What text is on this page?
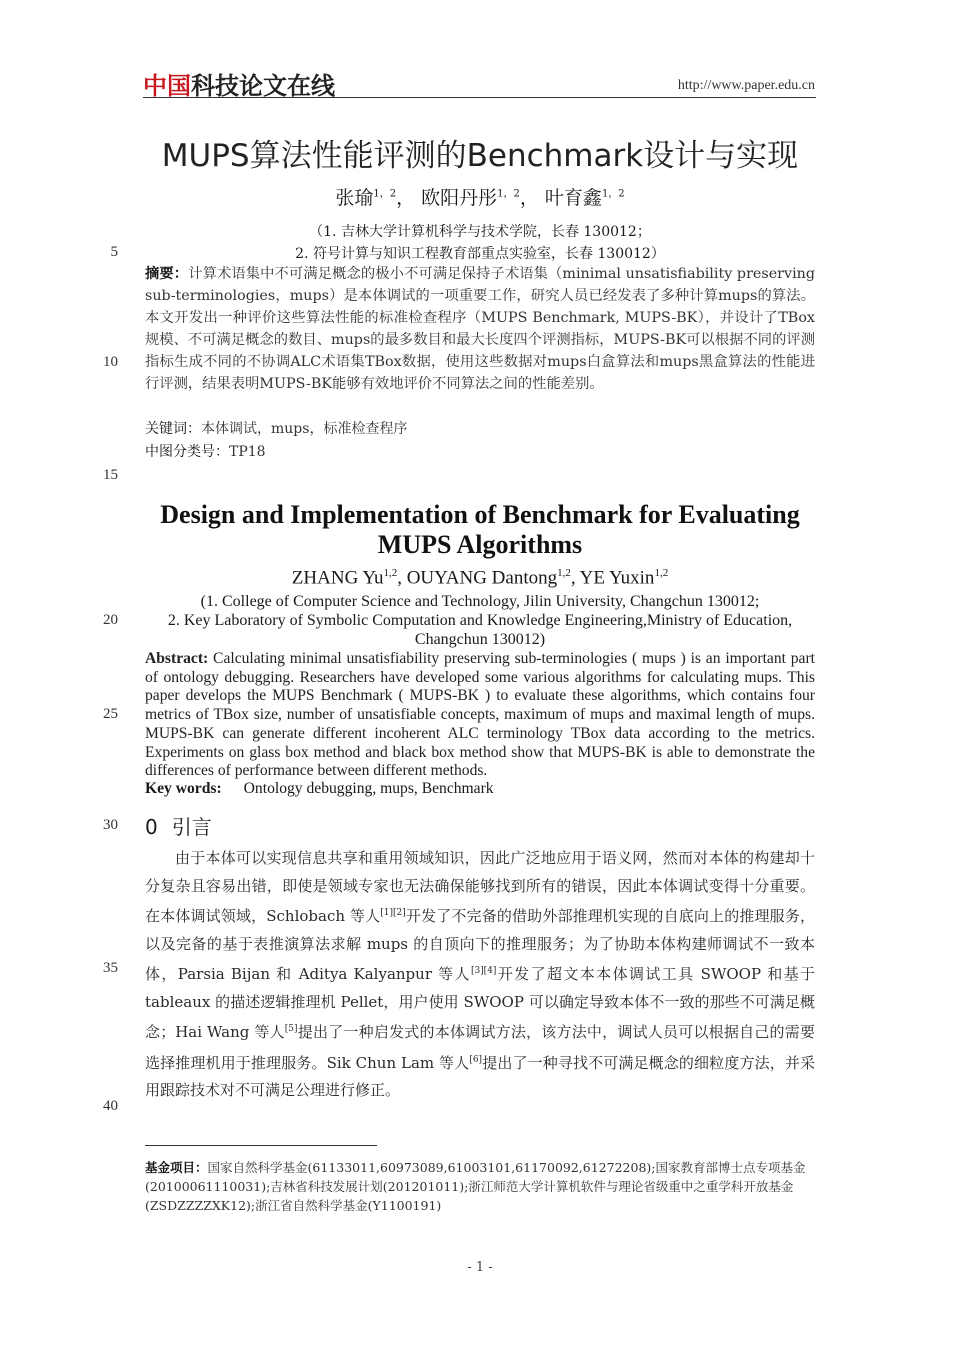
中国科技论文在线	http://www.paper.edu.cn
MUPS算法性能评测的Benchmark设计与实现
张瑜$^{1,2}$， 欧阳丹彤$^{1,2}$， 叶育鑫$^{1,2}$
（1. 吉林大学计算机科学与技术学院，长春 130012；
2. 符号计算与知识工程教育部重点实验室，长春 130012）
5
10
15
20
25
30
35
40
摘要：计算术语集中不可满足概念的极小不可满足保持子术语集（minimal unsatisfiability preserving sub-terminologies，mups）是本体调试的一项重要工作，研究人员已经发表了多种计算mups的算法。本文开发出一种评价这些算法性能的标准检查程序（MUPS Benchmark, MUPS-BK），并设计了TBox规模、不可满足概念的数目、mups的最多数目和最大长度四个评测指标，MUPS-BK可以根据不同的评测指标生成不同的不协调ALC术语集TBox数据，使用这些数据对mups白盒算法和mups黑盒算法的性能进行评测，结果表明MUPS-BK能够有效地评价不同算法之间的性能差别。
关键词：本体调试，mups，标准检查程序
中图分类号：TP18
Design and Implementation of Benchmark for Evaluating MUPS Algorithms
ZHANG Yu$^{1,2}$, OUYANG Dantong$^{1,2}$, YE Yuxin$^{1,2}$
(1. College of Computer Science and Technology, Jilin University, Changchun 130012;
2. Key Laboratory of Symbolic Computation and Knowledge Engineering,Ministry of Education, Changchun 130012)
Abstract: Calculating minimal unsatisfiability preserving sub-terminologies ( mups ) is an important part of ontology debugging. Researchers have developed some various algorithms for calculating mups. This paper develops the MUPS Benchmark ( MUPS-BK ) to evaluate these algorithms, which contains four metrics of TBox size, number of unsatisfiable concepts, maximum of mups and maximal length of mups. MUPS-BK can generate different incoherent ALC terminology TBox data according to the metrics. Experiments on glass box method and black box method show that MUPS-BK is able to demonstrate the differences of performance between different methods.
Key words: Ontology debugging, mups, Benchmark
0 引言
由于本体可以实现信息共享和重用领域知识，因此广泛地应用于语义网，然而对本体的构建却十分复杂且容易出错，即使是领域专家也无法确保能够找到所有的错误，因此本体调试变得十分重要。在本体调试领域，Schlobach 等人[1][2]开发了不完备的借助外部推理机实现的自底向上的推理服务，以及完备的基于表推演算法求解 mups 的自顶向下的推理服务；为了协助本体构建师调试不一致本体，Parsia Bijan 和 Aditya Kalyanpur 等人[3][4]开发了超文本本体调试工具 SWOOP 和基于 tableaux 的描述逻辑推理机 Pellet，用户使用 SWOOP 可以确定导致本体不一致的那些不可满足概念；Hai Wang 等人[5]提出了一种启发式的本体调试方法，该方法中，调试人员可以根据自己的需要选择推理机用于推理服务。Sik Chun Lam 等人[6]提出了一种寻找不可满足概念的细粒度方法，并采用跟踪技术对不可满足公理进行修正。
基金项目：国家自然科学基金(61133011,60973089,61003101,61170092,61272208);国家教育部博士点专项基金(20100061110031);吉林省科技发展计划(201201011);浙江师范大学计算机软件与理论省级重中之重学科开放基金(ZSDZZZZXK12);浙江省自然科学基金(Y1100191)
- 1 -
